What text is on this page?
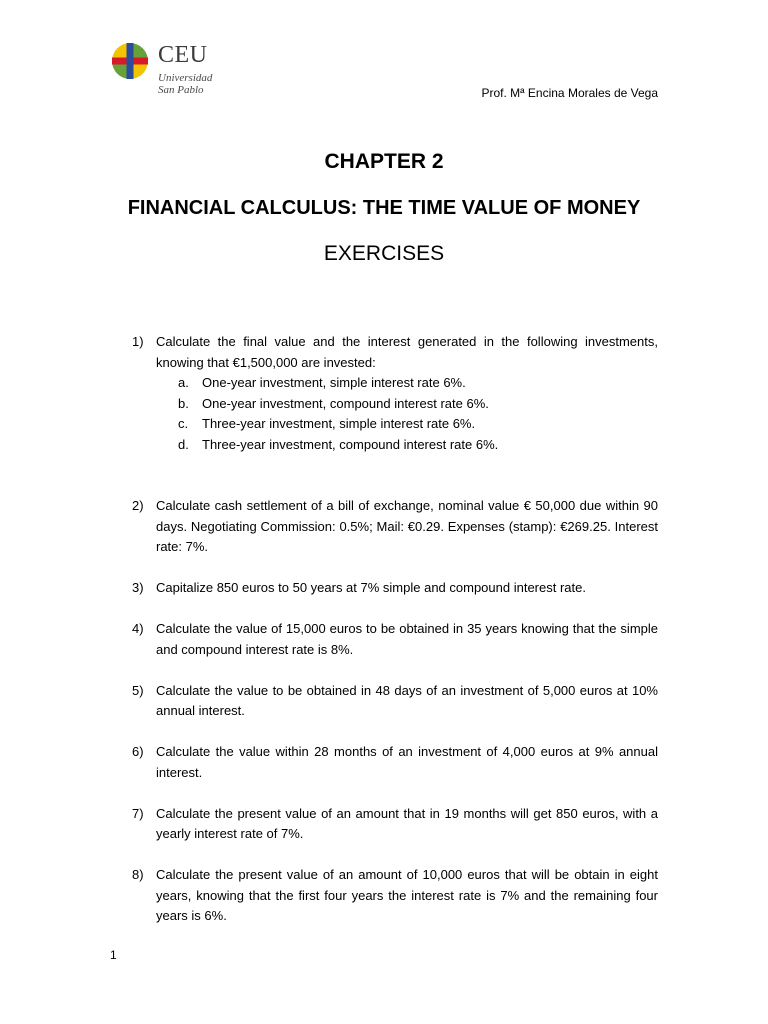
CEU
Universidad
San Pablo	Prof. Mª Encina Morales de Vega
CHAPTER 2
FINANCIAL CALCULUS: THE TIME VALUE OF MONEY
EXERCISES
1) Calculate the final value and the interest generated in the following investments, knowing that €1,500,000 are invested:
a. One-year investment, simple interest rate 6%.
b. One-year investment, compound interest rate 6%.
c. Three-year investment, simple interest rate 6%.
d. Three-year investment, compound interest rate 6%.
2) Calculate cash settlement of a bill of exchange, nominal value € 50,000 due within 90 days. Negotiating Commission: 0.5%; Mail: €0.29. Expenses (stamp): €269.25. Interest rate: 7%.
3) Capitalize 850 euros to 50 years at 7% simple and compound interest rate.
4) Calculate the value of 15,000 euros to be obtained in 35 years knowing that the simple and compound interest rate is 8%.
5) Calculate the value to be obtained in 48 days of an investment of 5,000 euros at 10% annual interest.
6) Calculate the value within 28 months of an investment of 4,000 euros at 9% annual interest.
7) Calculate the present value of an amount that in 19 months will get 850 euros, with a yearly interest rate of 7%.
8) Calculate the present value of an amount of 10,000 euros that will be obtain in eight years, knowing that the first four years the interest rate is 7% and the remaining four years is 6%.
1
